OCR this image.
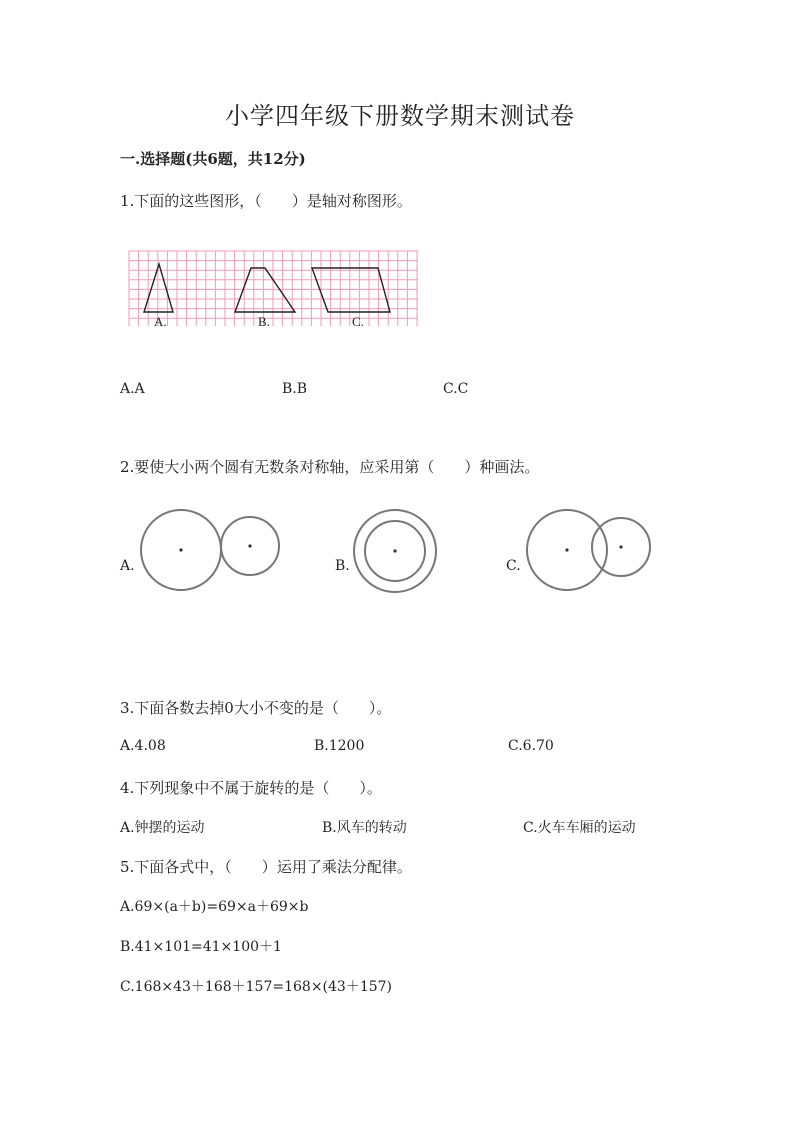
小学四年级下册数学期末测试卷
一.选择题(共6题，共12分)
1.下面的这些图形，（　　）是轴对称图形。
A.	B.	C.
A.A	B.B	C.C
2.要使大小两个圆有无数条对称轴，应采用第（　　）种画法。
A.	B.	C.
3.下面各数去掉0大小不变的是（　　）。
A.4.08	B.1200	C.6.70
4.下列现象中不属于旋转的是（　　）。
A.钟摆的运动	B.风车的转动	C.火车车厢的运动
5.下面各式中，（　　）运用了乘法分配律。
A.69×(a＋b)=69×a＋69×b
B.41×101=41×100＋1
C.168×43＋168＋157=168×(43＋157)
